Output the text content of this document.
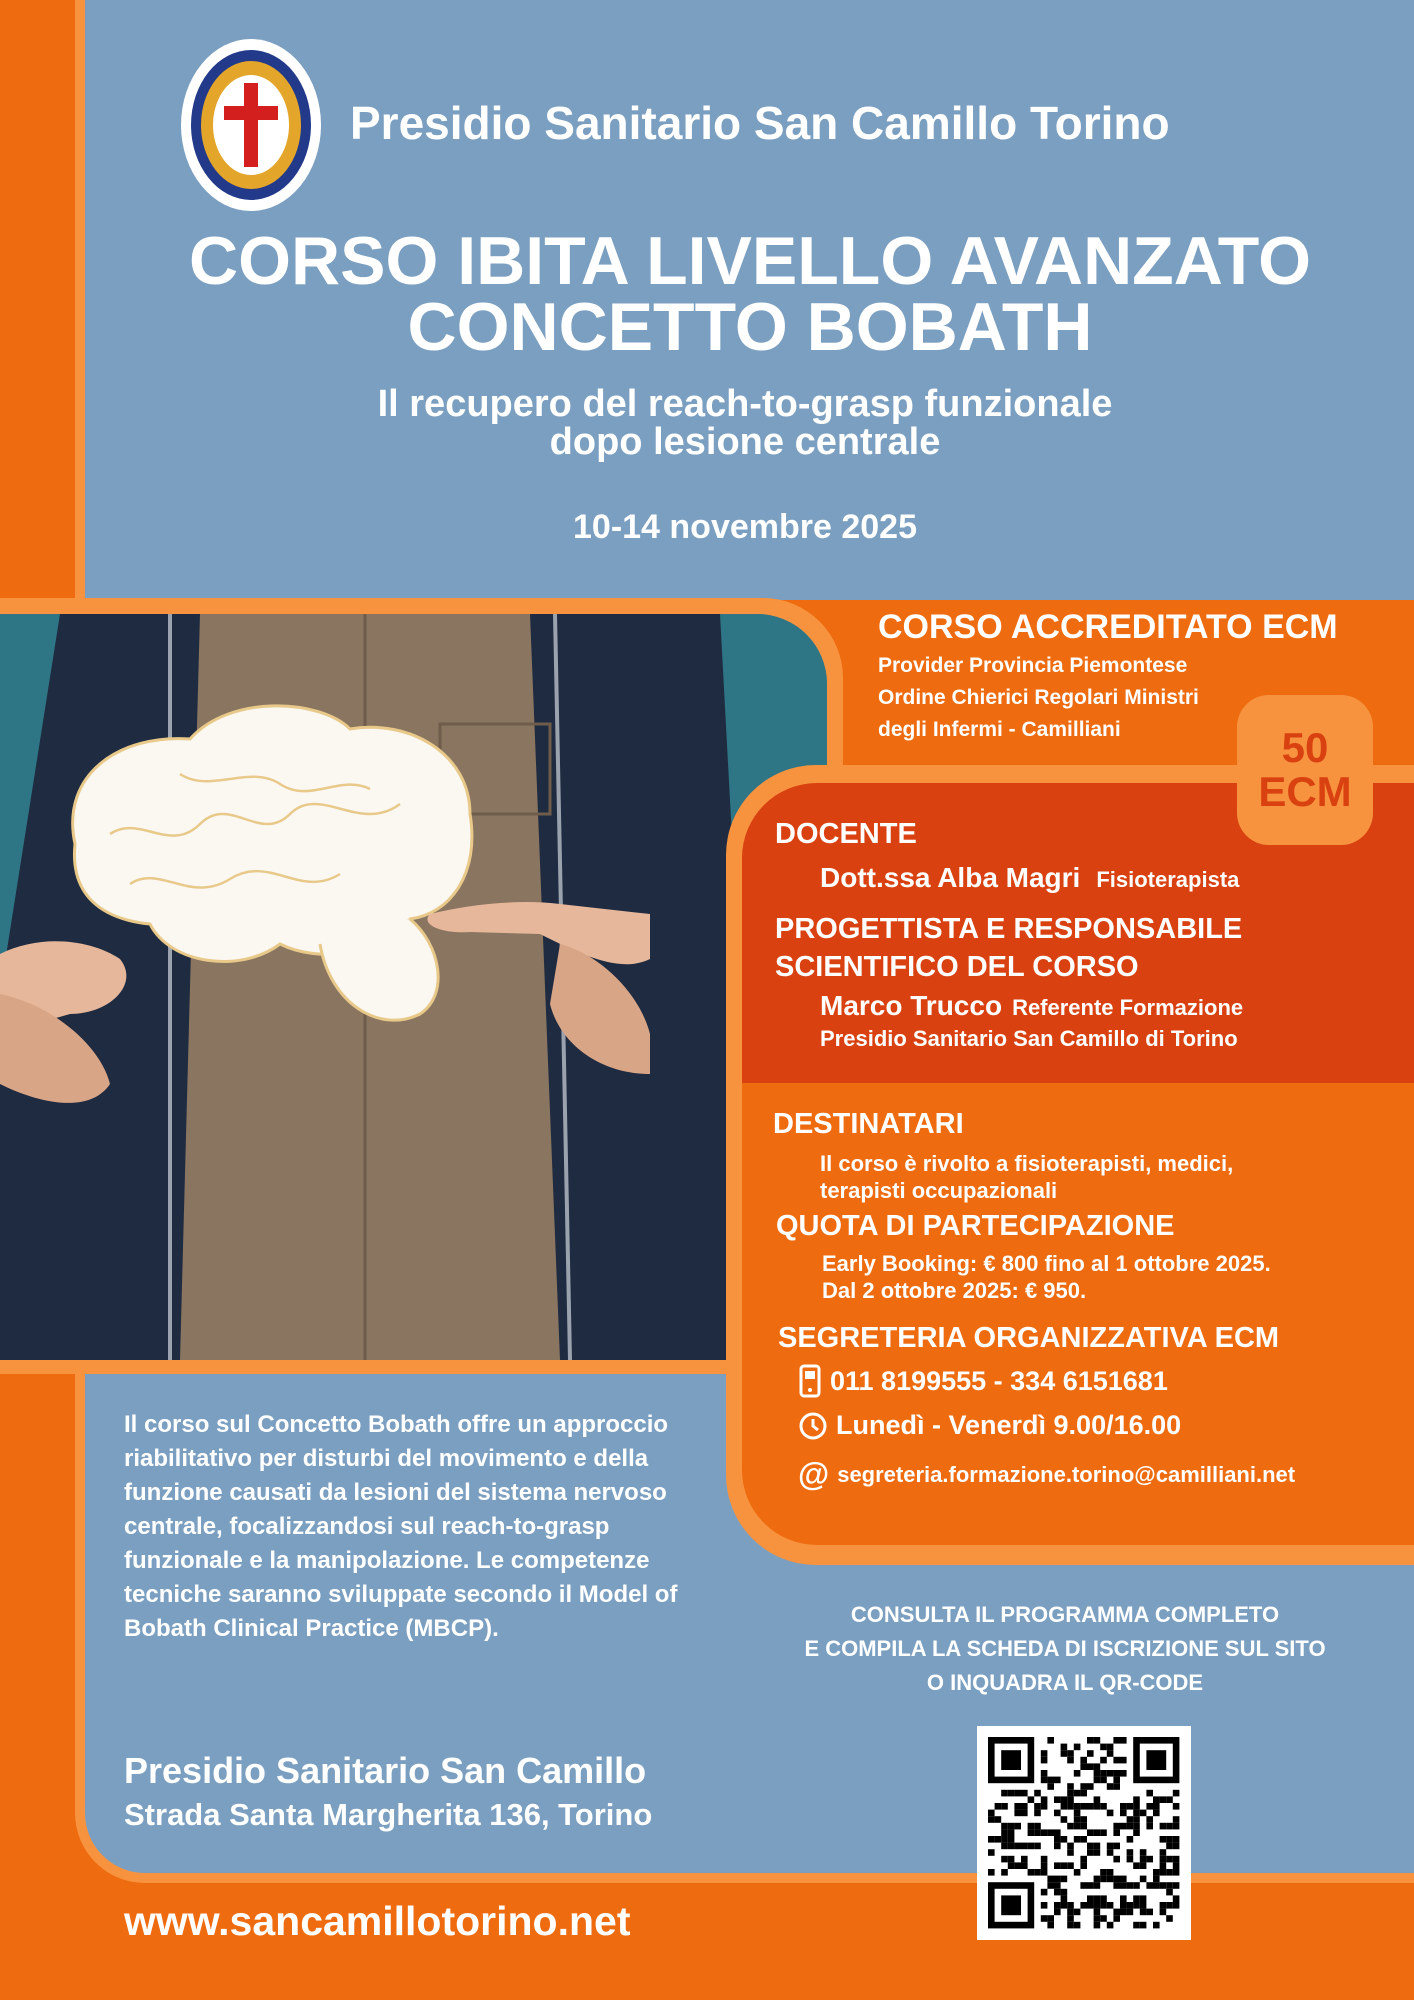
Presidio Sanitario San Camillo Torino
CORSO IBITA LIVELLO AVANZATO
CONCETTO BOBATH
Il recupero del reach-to-grasp funzionale
dopo lesione centrale
10-14 novembre 2025
CORSO ACCREDITATO ECM
Provider Provincia Piemontese
Ordine Chierici Regolari Ministri
degli Infermi - Camilliani	50
ECM
DOCENTE
Dott.ssa Alba Magri Fisioterapista
PROGETTISTA E RESPONSABILE
SCIENTIFICO DEL CORSO
Marco Trucco Referente Formazione
Presidio Sanitario San Camillo di Torino
DESTINATARI
Il corso è rivolto a fisioterapisti, medici,
terapisti occupazionali
QUOTA DI PARTECIPAZIONE
Early Booking: € 800 fino al 1 ottobre 2025.
Dal 2 ottobre 2025: € 950.
SEGRETERIA ORGANIZZATIVA ECM
011 8199555 - 334 6151681
Lunedì - Venerdì 9.00/16.00
@ segreteria.formazione.torino@camilliani.net
Il corso sul Concetto Bobath offre un approccio riabilitativo per disturbi del movimento e della funzione causati da lesioni del sistema nervoso centrale, focalizzandosi sul reach-to-grasp funzionale e la manipolazione. Le competenze tecniche saranno sviluppate secondo il Model of Bobath Clinical Practice (MBCP).
Presidio Sanitario San Camillo
Strada Santa Margherita 136, Torino
CONSULTA IL PROGRAMMA COMPLETO
E COMPILA LA SCHEDA DI ISCRIZIONE SUL SITO
O INQUADRA IL QR-CODE
www.sancamillotorino.net
